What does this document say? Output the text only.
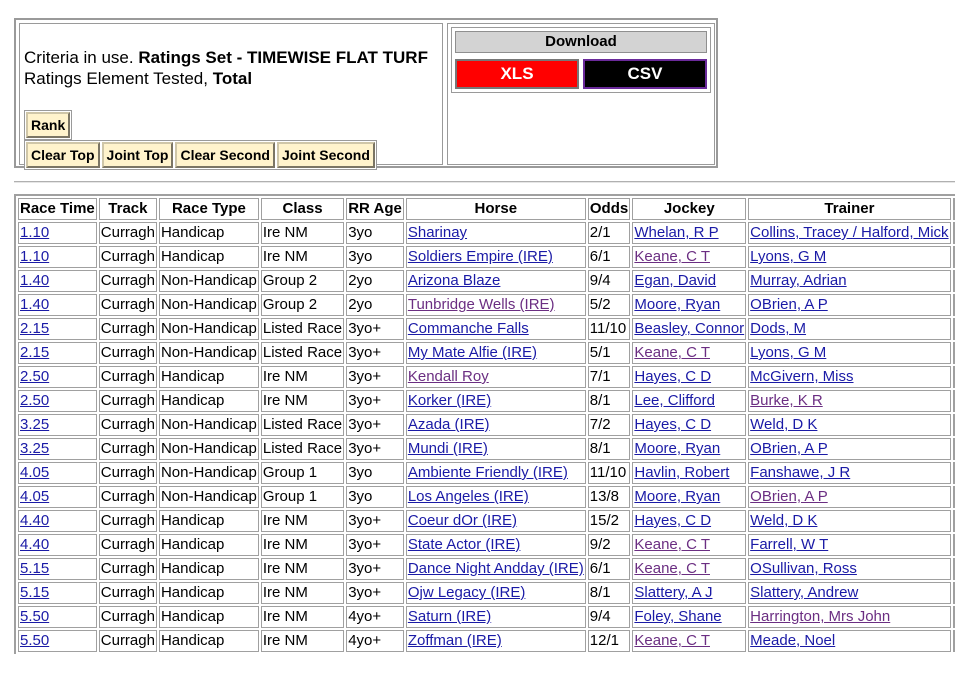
Criteria in use. Ratings Set - TIMEWISE FLAT TURF
Ratings Element Tested, Total
Rank
Clear Top Joint Top Clear Second Joint Second
Download
XLS	CSV
Race Time	Track	Race Type	Class	RR Age	Horse	Odds	Jockey	Trainer	
1.10	Curragh	Handicap	Ire NM	3yo	Sharinay	2/1	Whelan, R P	Collins, Tracey / Halford, Mick	
1.10	Curragh	Handicap	Ire NM	3yo	Soldiers Empire (IRE)	6/1	Keane, C T	Lyons, G M	
1.40	Curragh	Non-Handicap	Group 2	2yo	Arizona Blaze	9/4	Egan, David	Murray, Adrian	
1.40	Curragh	Non-Handicap	Group 2	2yo	Tunbridge Wells (IRE)	5/2	Moore, Ryan	OBrien, A P	
2.15	Curragh	Non-Handicap	Listed Race	3yo+	Commanche Falls	11/10	Beasley, Connor	Dods, M	
2.15	Curragh	Non-Handicap	Listed Race	3yo+	My Mate Alfie (IRE)	5/1	Keane, C T	Lyons, G M	
2.50	Curragh	Handicap	Ire NM	3yo+	Kendall Roy	7/1	Hayes, C D	McGivern, Miss	
2.50	Curragh	Handicap	Ire NM	3yo+	Korker (IRE)	8/1	Lee, Clifford	Burke, K R	
3.25	Curragh	Non-Handicap	Listed Race	3yo+	Azada (IRE)	7/2	Hayes, C D	Weld, D K	
3.25	Curragh	Non-Handicap	Listed Race	3yo+	Mundi (IRE)	8/1	Moore, Ryan	OBrien, A P	
4.05	Curragh	Non-Handicap	Group 1	3yo	Ambiente Friendly (IRE)	11/10	Havlin, Robert	Fanshawe, J R	
4.05	Curragh	Non-Handicap	Group 1	3yo	Los Angeles (IRE)	13/8	Moore, Ryan	OBrien, A P	
4.40	Curragh	Handicap	Ire NM	3yo+	Coeur dOr (IRE)	15/2	Hayes, C D	Weld, D K	
4.40	Curragh	Handicap	Ire NM	3yo+	State Actor (IRE)	9/2	Keane, C T	Farrell, W T	
5.15	Curragh	Handicap	Ire NM	3yo+	Dance Night Andday (IRE)	6/1	Keane, C T	OSullivan, Ross	
5.15	Curragh	Handicap	Ire NM	3yo+	Ojw Legacy (IRE)	8/1	Slattery, A J	Slattery, Andrew	
5.50	Curragh	Handicap	Ire NM	4yo+	Saturn (IRE)	9/4	Foley, Shane	Harrington, Mrs John	
5.50	Curragh	Handicap	Ire NM	4yo+	Zoffman (IRE)	12/1	Keane, C T	Meade, Noel	
